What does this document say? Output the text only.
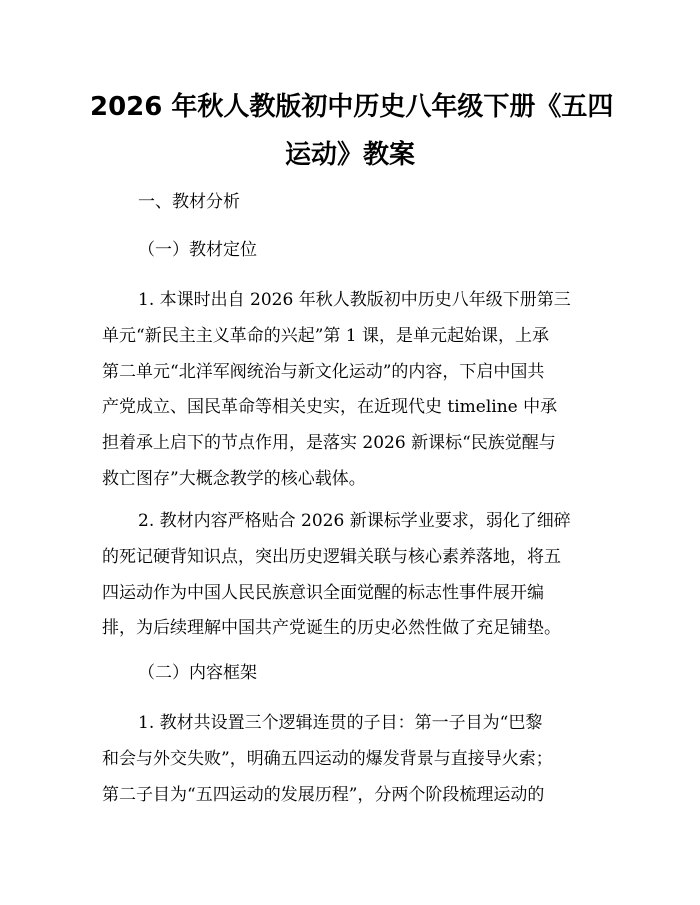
2026 年秋人教版初中历史八年级下册《五四
运动》教案
一、教材分析
（一）教材定位
1. 本课时出自 2026 年秋人教版初中历史八年级下册第三
单元“新民主主义革命的兴起”第 1 课，是单元起始课，上承
第二单元“北洋军阀统治与新文化运动”的内容，下启中国共
产党成立、国民革命等相关史实，在近现代史 timeline 中承
担着承上启下的节点作用，是落实 2026 新课标“民族觉醒与
救亡图存”大概念教学的核心载体。
2. 教材内容严格贴合 2026 新课标学业要求，弱化了细碎
的死记硬背知识点，突出历史逻辑关联与核心素养落地，将五
四运动作为中国人民民族意识全面觉醒的标志性事件展开编
排，为后续理解中国共产党诞生的历史必然性做了充足铺垫。
（二）内容框架
1. 教材共设置三个逻辑连贯的子目：第一子目为“巴黎
和会与外交失败”，明确五四运动的爆发背景与直接导火索；
第二子目为“五四运动的发展历程”，分两个阶段梳理运动的
